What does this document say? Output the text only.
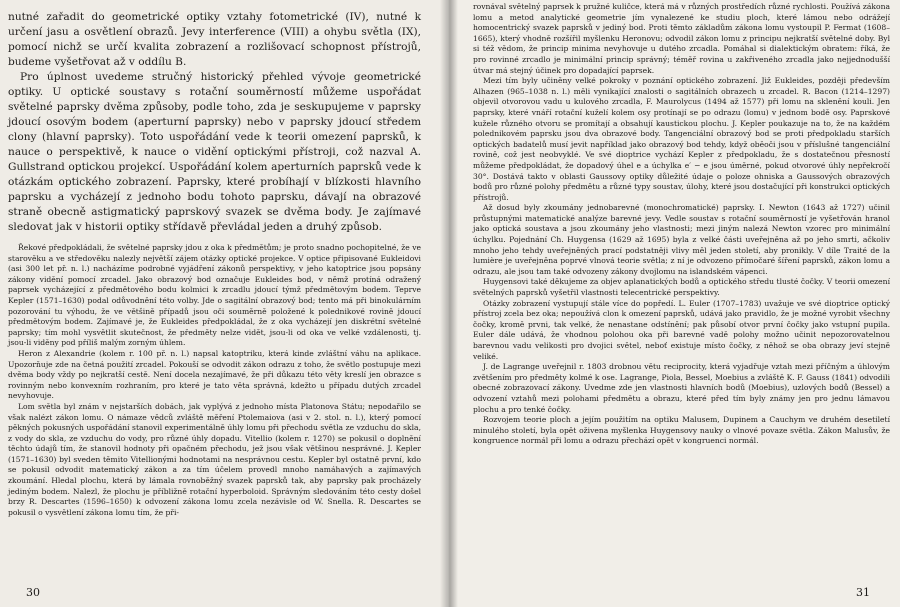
nutné zařadit do geometrické optiky vztahy fotometrické (IV), nutné k určení jasu a osvětlení obrazů. Jevy interference (VIII) a ohybu světla (IX), pomocí nichž se určí kvalita zobrazení a rozlišovací schopnost přístrojů, budeme vyšetřovat až v oddílu B.

Pro úplnost uvedeme stručný historický přehled vývoje geometrické optiky. U optické soustavy s rotační souměrností můžeme uspořádat světelné paprsky dvěma způsoby, podle toho, zda je seskupujeme v paprsky jdoucí osovým bodem (aperturní paprsky) nebo v paprsky jdoucí středem clony (hlavní paprsky). Toto uspořádání vede k teorii omezení paprsků, k nauce o perspektivě, k nauce o vidění optickými přístroji, což nazval A. Gullstrand optickou projekcí. Uspořádání kolem aperturních paprsků vede k otázkám optického zobrazení. Paprsky, které probíhají v blízkosti hlavního paprsku a vycházejí z jednoho bodu tohoto paprsku, dávají na obrazové straně obecně astigmatický paprskový svazek se dvěma body. Je zajímavé sledovat jak v historii optiky střídavě převládal jeden a druhý způsob.

Řekové předpokládali, že světelné paprsky jdou z oka k předmětům; je proto snadno pochopitelné, že ve starověku a ve středověku nalezly největší zájem otázky optické projekce. V optice připisované Eukleidovi (asi 300 let př. n. l.) nacházíme podrobné vyjádření zákonů perspektivy, v jeho katoptrice jsou popsány zákony vidění pomocí zrcadel. Jako obrazový bod označuje Eukleides bod, v němž protíná odražený paprsek vycházející z předmětového bodu kolmici k zrcadlu jdoucí týmž předmětovým bodem. Teprve Kepler (1571–1630) podal odůvodnění této volby. Jde o sagitální obrazový bod; tento má při binokulárním pozorování tu výhodu, že ve většině případů jsou oči souměrně položené k polednikové rovině jdoucí předmětovým bodem. Zajímavé je, že Eukleides předpokládal, že z oka vycházejí jen diskrétní světelné paprsky; tím mohl vysvětlit skutečnost, že předměty nelze vidět, jsou-li od oka ve velké vzdálenosti, tj. jsou-li viděny pod příliš malým zorným úhlem.

Heron z Alexandrie (kolem r. 100 př. n. l.) napsal katoptriku, která kinde zvláštní váhu na aplikace. Upozorňuje zde na četná použití zrcadel. Pokouší se odvodit zákon odrazu z toho, že světlo postupuje mezi dvěma body vždy po nejkratší cestě. Není docela nezajímavé, že při důkazu této věty kreslí jen obrazce s rovinným nebo konvexním rozhraním, pro které je tato věta správná, kdežto u případu dutých zrcadel nevyhovuje.

Lom světla byl znám v nejstarších dobách, jak vyplývá z jednoho místa Platonova Státu; nepodařilo se však nalézt zákon lomu. O námaze vědců zvláště měření Ptolemaiova (asi v 2. stol. n. l.), který pomocí pěkných pokusných uspořádání stanovil experimentálně úhly lomu při přechodu světla ze vzduchu do skla, z vody do skla, ze vzduchu do vody, pro různé úhly dopadu. Vitellio (kolem r. 1270) se pokusil o doplnění těchto údajů tím, že stanovil hodnoty při opačném přechodu, jež jsou však většinou nesprávné. J. Kepler (1571–1630) byl sveden těmito Vitellionými hodnotami na nesprávnou cestu. Kepler byl ostatně první, kdo se pokusil odvodit matematický zákon a za tím účelem provedl mnoho namáhavých a zajímavých zkoumání. Hledal plochu, která by lámala rovnoběžný svazek paprsků tak, aby paprsky pak procházely jediným bodem. Nalezl, že plochu je příbližně rotační hyperboloid. Správným sledováním této cesty došel brzy R. Descartes (1596–1650) k odvození zákona lomu zcela nezávisle od W. Snella. R. Descartes se pokusil o vysvětlení zákona lomu tím, že při-

30

rovnával světelný paprsek k pružné kuličce, která má v různých prostředích různé rychlosti. Používá zákona lomu a metod analytické geometrie jím vynalezené ke studiu ploch, které lámou nebo odrážejí homocentrický svazek paprsků v jediný bod. Proti těmto základům zákona lomu vystoupil P. Fermat (1608–1665), který vhodně rozšířil myšlenku Heronovu; odvodil zákon lomu z principu nejkratší světelné doby. Byl si též vědom, že princip minima nevyhovuje u dutého zrcadla. Pomáhal si dialektickým obratem: říká, že pro rovinné zrcadlo je minimální princip správný; téměř rovina u zakřiveného zrcadla jako nejjednodušší útvar má stejný účinek pro dopadající paprsek.

Mezi tím byly učiněny velké pokroky v poznání optického zobrazení. Již Eukleides, později především Alhazen (965–1038 n. l.) měli vynikající znalosti o sagitálních obrazech u zrcadel. R. Bacon (1214–1297) objevil otvorovou vadu u kulového zrcadla, F. Maurolycus (1494 až 1577) při lomu na sklenění kouli. Jen paprsky, které vnáří rotační kuželí kolem osy protínají se po odrazu (lomu) v jednom bodě osy. Paprskové kužele různého otvoru se promítají a obsahují kaustickou plochu. J. Kepler poukazuje na to, že na každém polednikovém paprsku jsou dva obrazové body. Tangenciální obrazový bod se proti předpokladu starších optických badatelů musí jevit například jako obrazový bod tehdy, když oběoči jsou v příslušné tangenciální rovině, což jest neobvyklé. Ve své dioptrice vychází Kepler z předpokladu, že s dostatečnou přesností můžeme předpokládat, že dopadový úhel e a úchylka e′ − e jsou úměrné, pokud otvorové úhly nepřekročí 30°. Dostává takto v oblasti Gaussovy optiky důležité údaje o poloze ohniska a Gaussových obrazových bodů pro různé polohy předmětu a různé typy soustav, úlohy, které jsou dostačující při konstrukci optických přístrojů.

Až dosud byly zkoumány jednobarevné (monochromatické) paprsky. I. Newton (1643 až 1727) učinil průstupnými matematické analýze barevné jevy. Vedle soustav s rotační souměrností je vyšetřován hranol jako optická soustava a jsou zkoumány jeho vlastnosti; mezi jiným nalezá Newton vzorec pro minimální úchylku. Pojednání Ch. Huygensa (1629 až 1695) byla z velké části uveřejněna až po jeho smrti, ačkoliv mnoho jeho tehdy uveřejněných prací podstatněji vlivy měl jeden století, aby pronikly. V díle Traité de la lumière je uveřejněna poprvé vlnová teorie světla; z ní je odvozeno přímočaré šíření paprsků, zákon lomu a odrazu, ale jsou tam také odvozeny zákony dvojlomu na islandském vápenci.

Huygensovi také děkujeme za objev aplanatických bodů a optického středu tlusté čočky. V teorii omezení světelných paprsků vyšetřil vlastnosti telecentrické perspektivy.

Otázky zobrazení vystupují stále více do popředí. L. Euler (1707–1783) uvažuje ve své dioptrice optický přístroj zcela bez oka; nepoužívá clon k omezení paprsků, udává jako pravidlo, že je možné vyrobit všechny čočky, kromě prvni, tak velké, že nenastane odstínění; pak působí otvor první čočky jako vstupní pupila. Euler dále udává, že vhodnou polohou oka při barevné vadě polohy možno učinit nepozorovatelnou barevnou vadu velikosti pro dvojici světel, neboť existuje místo čočky, z něhož se oba obrazy jeví stejně veliké.

J. de Lagrange uveřejnil r. 1803 drobnou větu reciprocity, která vyjadřuje vztah mezi příčným a úhlovým zvětšením pro předměty kolmé k ose. Lagrange, Piola, Bessel, Moebius a zvláště K. F. Gauss (1841) odvodili obecné zobrazovací zákony. Uvedme zde jen vlastnosti hlavních bodů (Moebius), uzlových bodů (Bessel) a odvození vztahů mezi polohami předmětu a obrazu, které před tím byly známy jen pro jednu lámavou plochu a pro tenké čočky.

Rozvojem teorie ploch a jejím použitím na optiku Malusem, Dupinem a Cauchym ve druhém desetiletí minulého století, byla opět oživena myšlenka Huygensovy nauky o vlnové povaze světla. Zákon Malusův, že kongruence normál při lomu a odrazu přechází opět v kongruenci normál.

31
